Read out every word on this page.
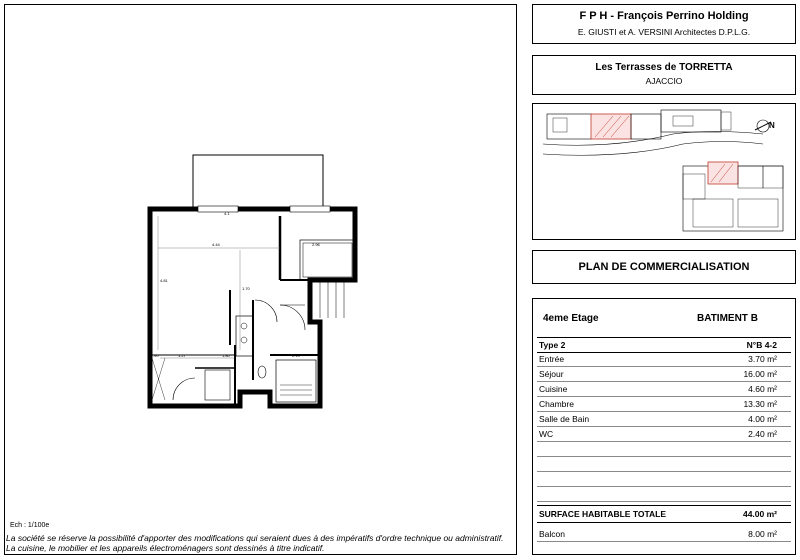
4.44
4.81
1.70
2.96
1.27	1.80	2.13
.90
4.1
Ech : 1/100e
La société se réserve la possibilité d'apporter des modifications qui seraient dues à des impératifs d'ordre technique ou administratif.
La cuisine, le mobilier et les appareils électroménagers sont dessinés à titre indicatif.
F P H - François Perrino Holding
E. GIUSTI et A. VERSINI Architectes D.P.L.G.
Les Terrasses de TORRETTA
AJACCIO
N
PLAN DE COMMERCIALISATION
4eme Etage	BATIMENT B
Type 2	N°B 4-2
Entrée	3.70 m²
Séjour	16.00 m²
Cuisine	4.60 m²
Chambre	13.30 m²
Salle de Bain	4.00 m²
WC	2.40 m²
SURFACE HABITABLE TOTALE	44.00 m²
Balcon	8.00 m²
